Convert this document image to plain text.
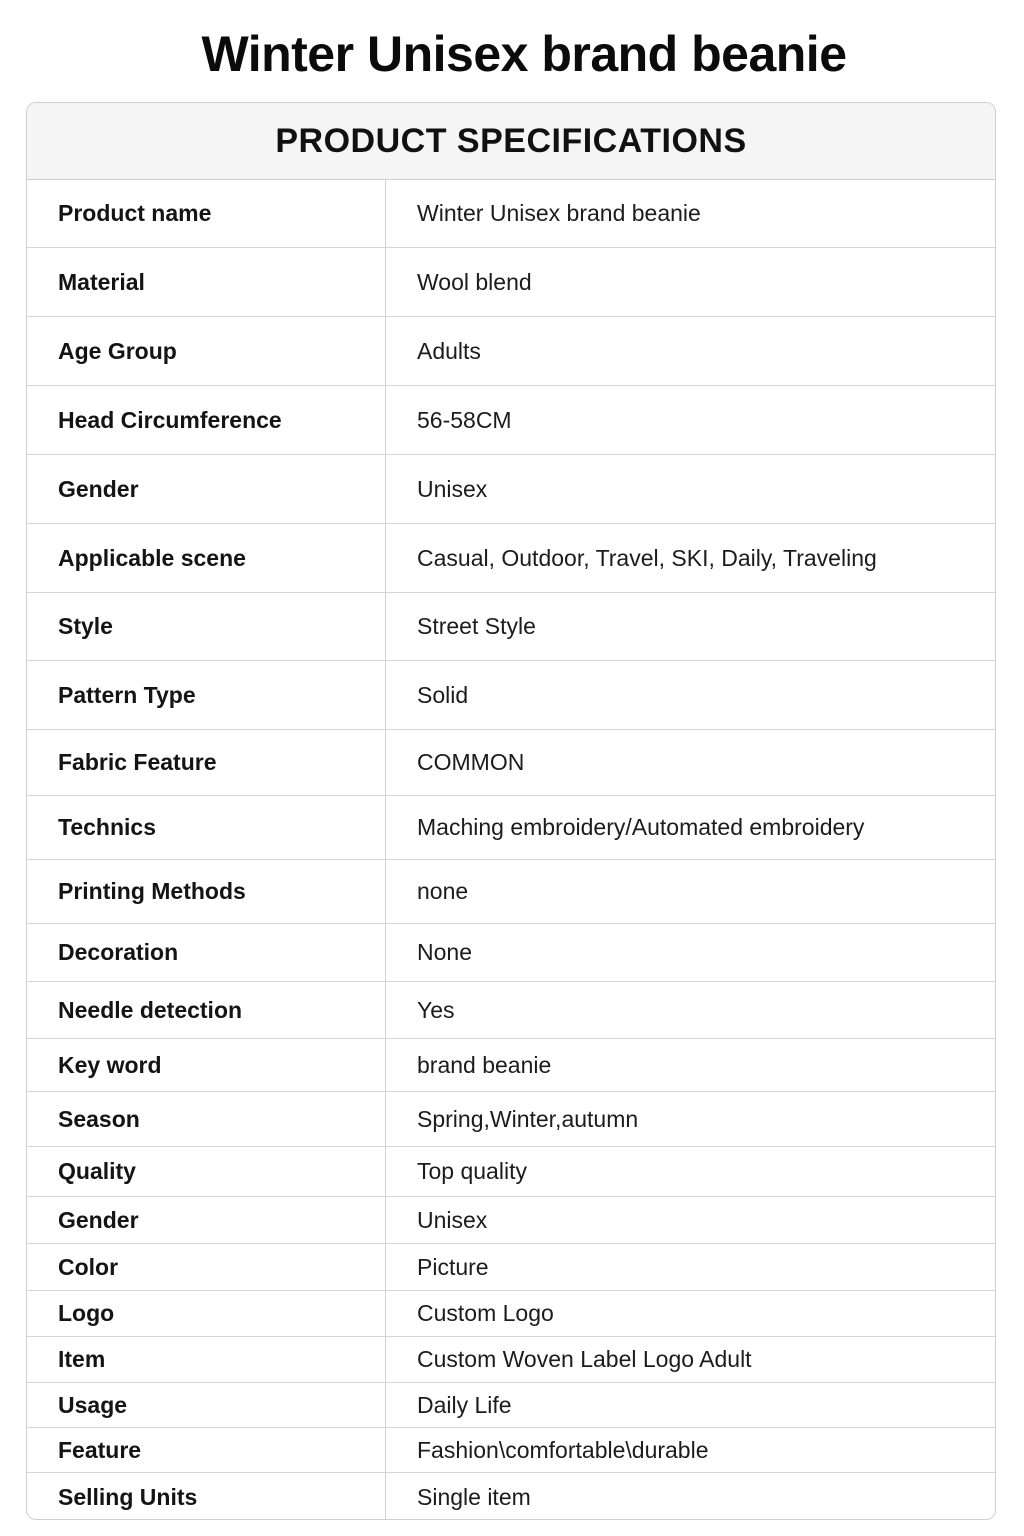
Winter Unisex brand beanie
PRODUCT SPECIFICATIONS
Product name	Winter Unisex brand beanie
Material	Wool blend
Age Group	Adults
Head Circumference	56-58CM
Gender	Unisex
Applicable scene	Casual, Outdoor, Travel, SKI, Daily, Traveling
Style	Street Style
Pattern Type	Solid
Fabric Feature	COMMON
Technics	Maching embroidery/Automated embroidery
Printing Methods	none
Decoration	None
Needle detection	Yes
Key word	brand beanie
Season	Spring,Winter,autumn
Quality	Top quality
Gender	Unisex
Color	Picture
Logo	Custom Logo
Item	Custom Woven Label Logo Adult
Usage	Daily Life
Feature	Fashion\comfortable\durable
Selling Units	Single item
